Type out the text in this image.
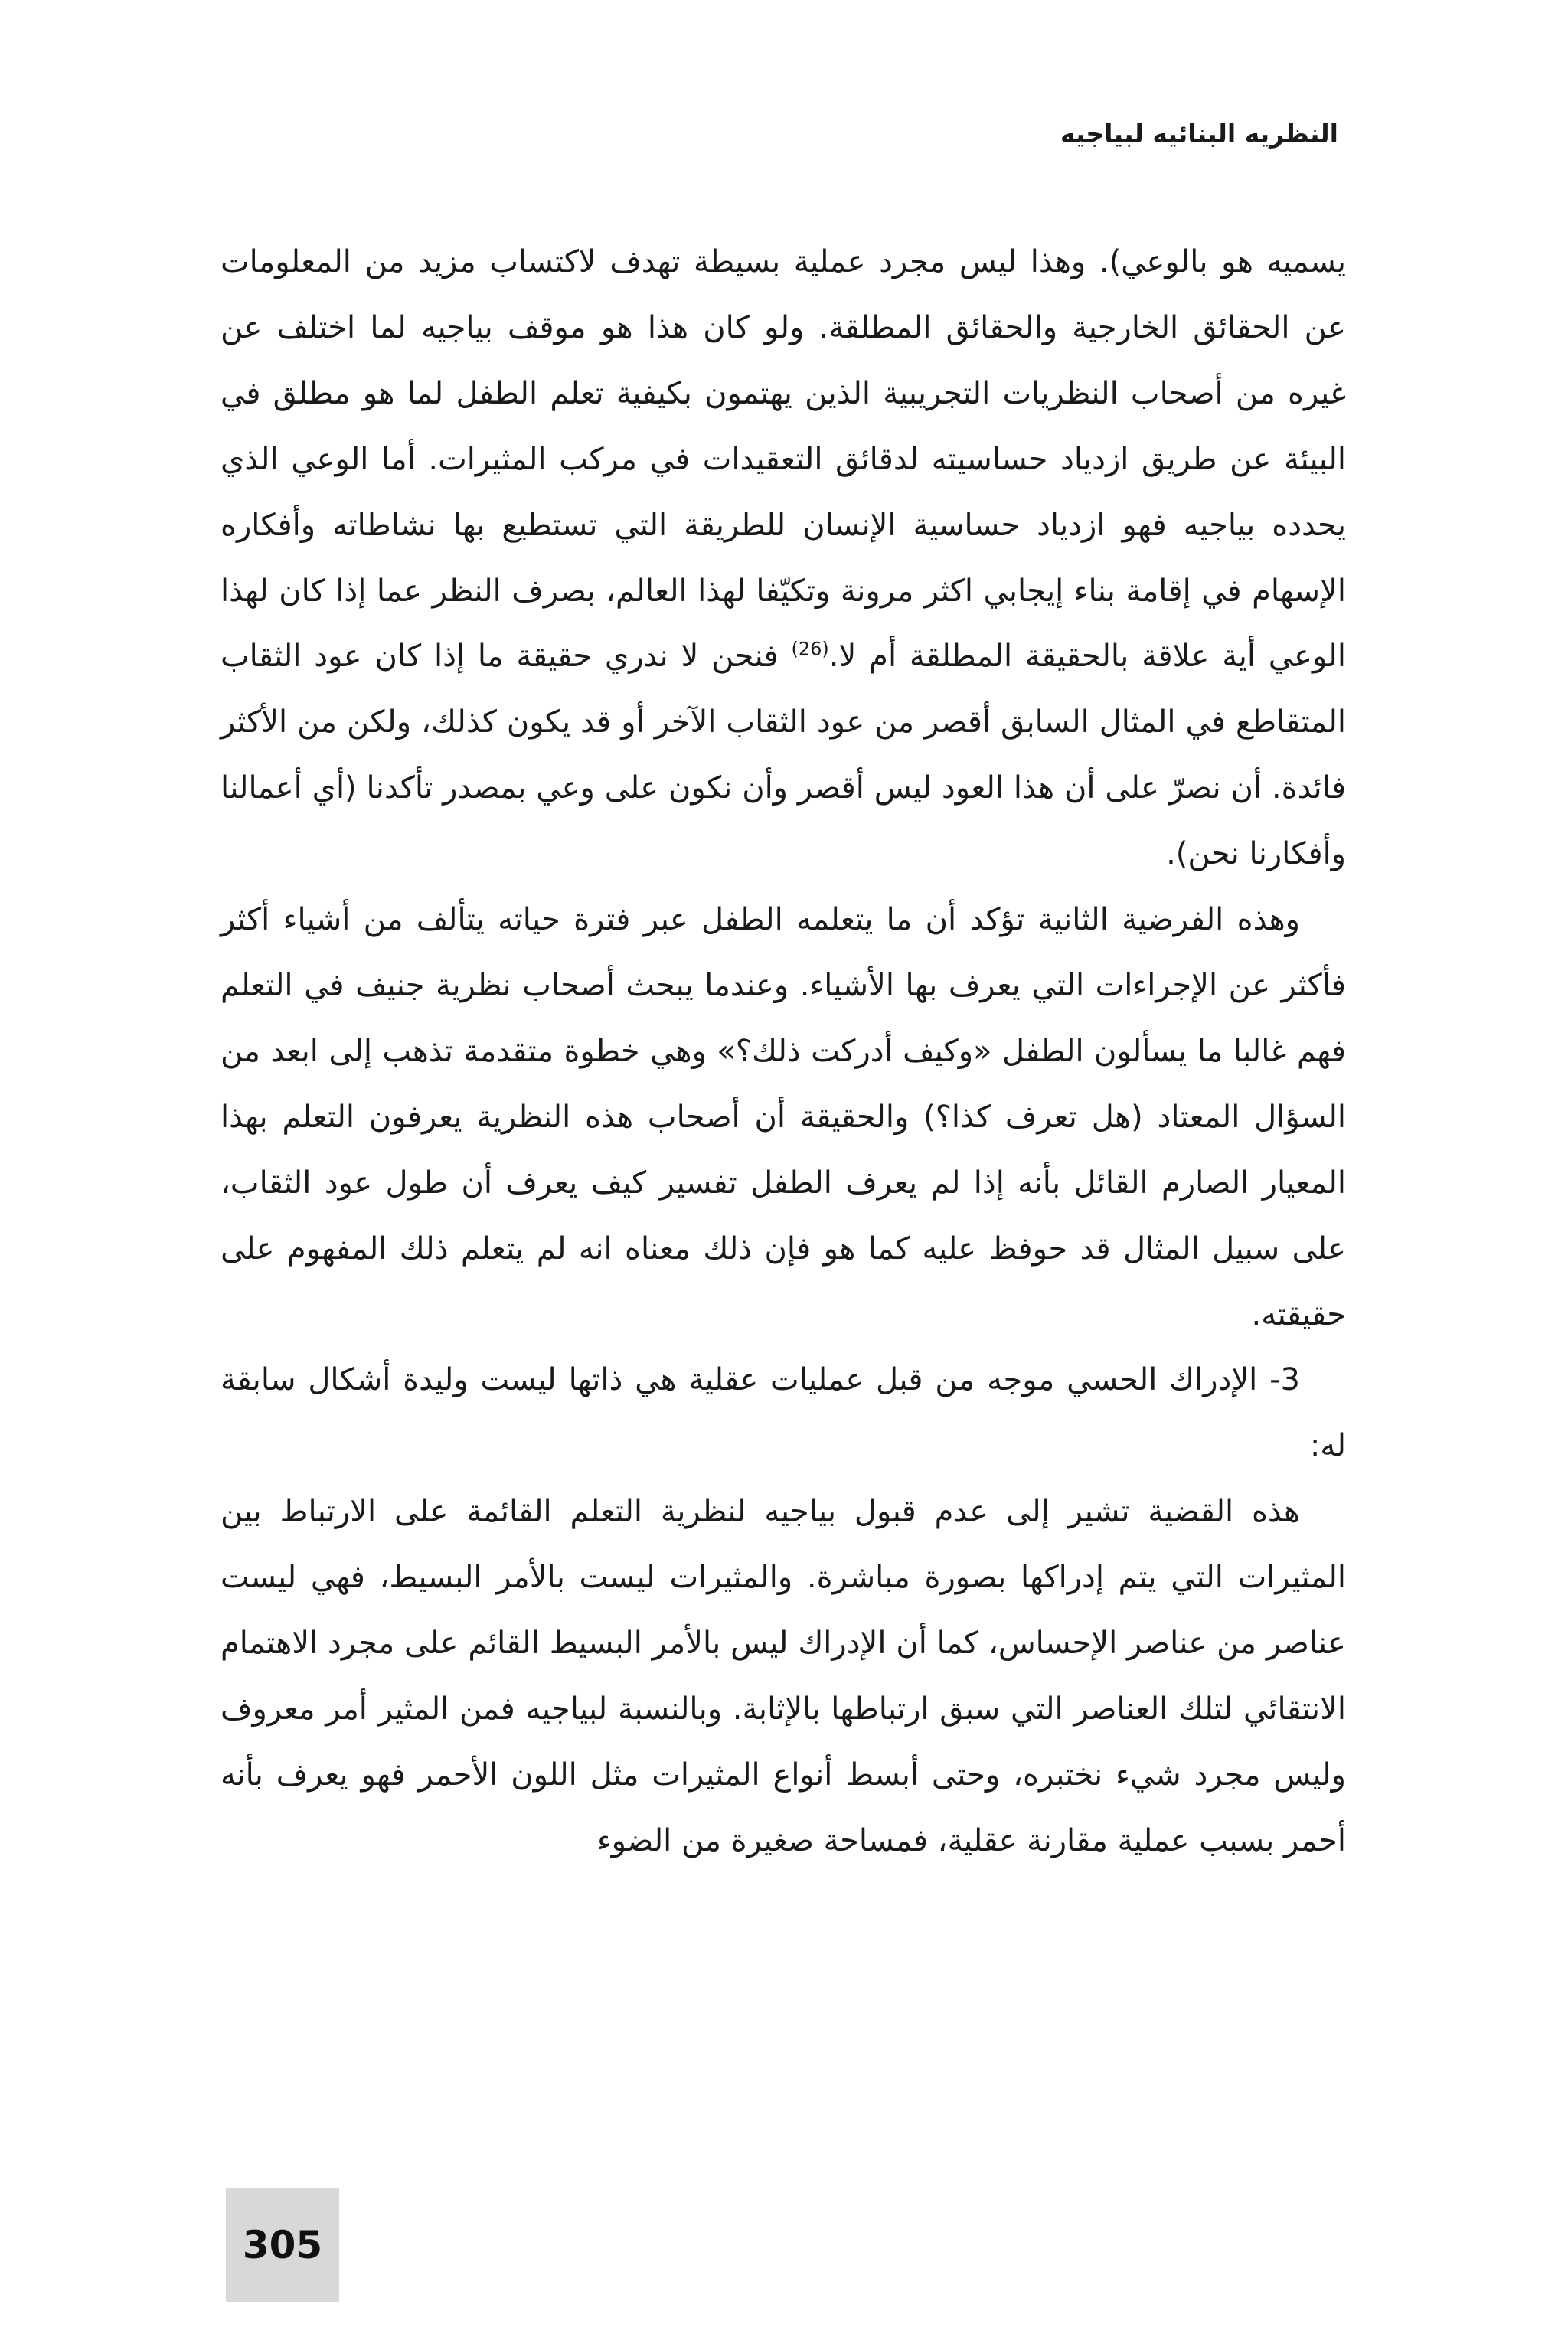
النظريه البنائيه لبياجيه

يسميه هو بالوعي). وهذا ليس مجرد عملية بسيطة تهدف لاكتساب مزيد من المعلومات عن الحقائق الخارجية والحقائق المطلقة. ولو كان هذا هو موقف بياجيه لما اختلف عن غيره من أصحاب النظريات التجريبية الذين يهتمون بكيفية تعلم الطفل لما هو مطلق في البيئة عن طريق ازدياد حساسيته لدقائق التعقيدات في مركب المثيرات. أما الوعي الذي يحدده بياجيه فهو ازدياد حساسية الإنسان للطريقة التي تستطيع بها نشاطاته وأفكاره الإسهام في إقامة بناء إيجابي اكثر مرونة وتكيّفا لهذا العالم، بصرف النظر عما إذا كان لهذا الوعي أية علاقة بالحقيقة المطلقة أم لا.$^{(26)}$ فنحن لا ندري حقيقة ما إذا كان عود الثقاب المتقاطع في المثال السابق أقصر من عود الثقاب الآخر أو قد يكون كذلك، ولكن من الأكثر فائدة. أن نصرّ على أن هذا العود ليس أقصر وأن نكون على وعي بمصدر تأكدنا (أي أعمالنا وأفكارنا نحن).

وهذه الفرضية الثانية تؤكد أن ما يتعلمه الطفل عبر فترة حياته يتألف من أشياء أكثر فأكثر عن الإجراءات التي يعرف بها الأشياء. وعندما يبحث أصحاب نظرية جنيف في التعلم فهم غالبا ما يسألون الطفل «وكيف أدركت ذلك؟» وهي خطوة متقدمة تذهب إلى ابعد من السؤال المعتاد (هل تعرف كذا؟) والحقيقة أن أصحاب هذه النظرية يعرفون التعلم بهذا المعيار الصارم القائل بأنه إذا لم يعرف الطفل تفسير كيف يعرف أن طول عود الثقاب، على سبيل المثال قد حوفظ عليه كما هو فإن ذلك معناه انه لم يتعلم ذلك المفهوم على حقيقته.

3- الإدراك الحسي موجه من قبل عمليات عقلية هي ذاتها ليست وليدة أشكال سابقة له:

هذه القضية تشير إلى عدم قبول بياجيه لنظرية التعلم القائمة على الارتباط بين المثيرات التي يتم إدراكها بصورة مباشرة. والمثيرات ليست بالأمر البسيط، فهي ليست عناصر من عناصر الإحساس، كما أن الإدراك ليس بالأمر البسيط القائم على مجرد الاهتمام الانتقائي لتلك العناصر التي سبق ارتباطها بالإثابة. وبالنسبة لبياجيه فمن المثير أمر معروف وليس مجرد شيء نختبره، وحتى أبسط أنواع المثيرات مثل اللون الأحمر فهو يعرف بأنه أحمر بسبب عملية مقارنة عقلية، فمساحة صغيرة من الضوء

305
